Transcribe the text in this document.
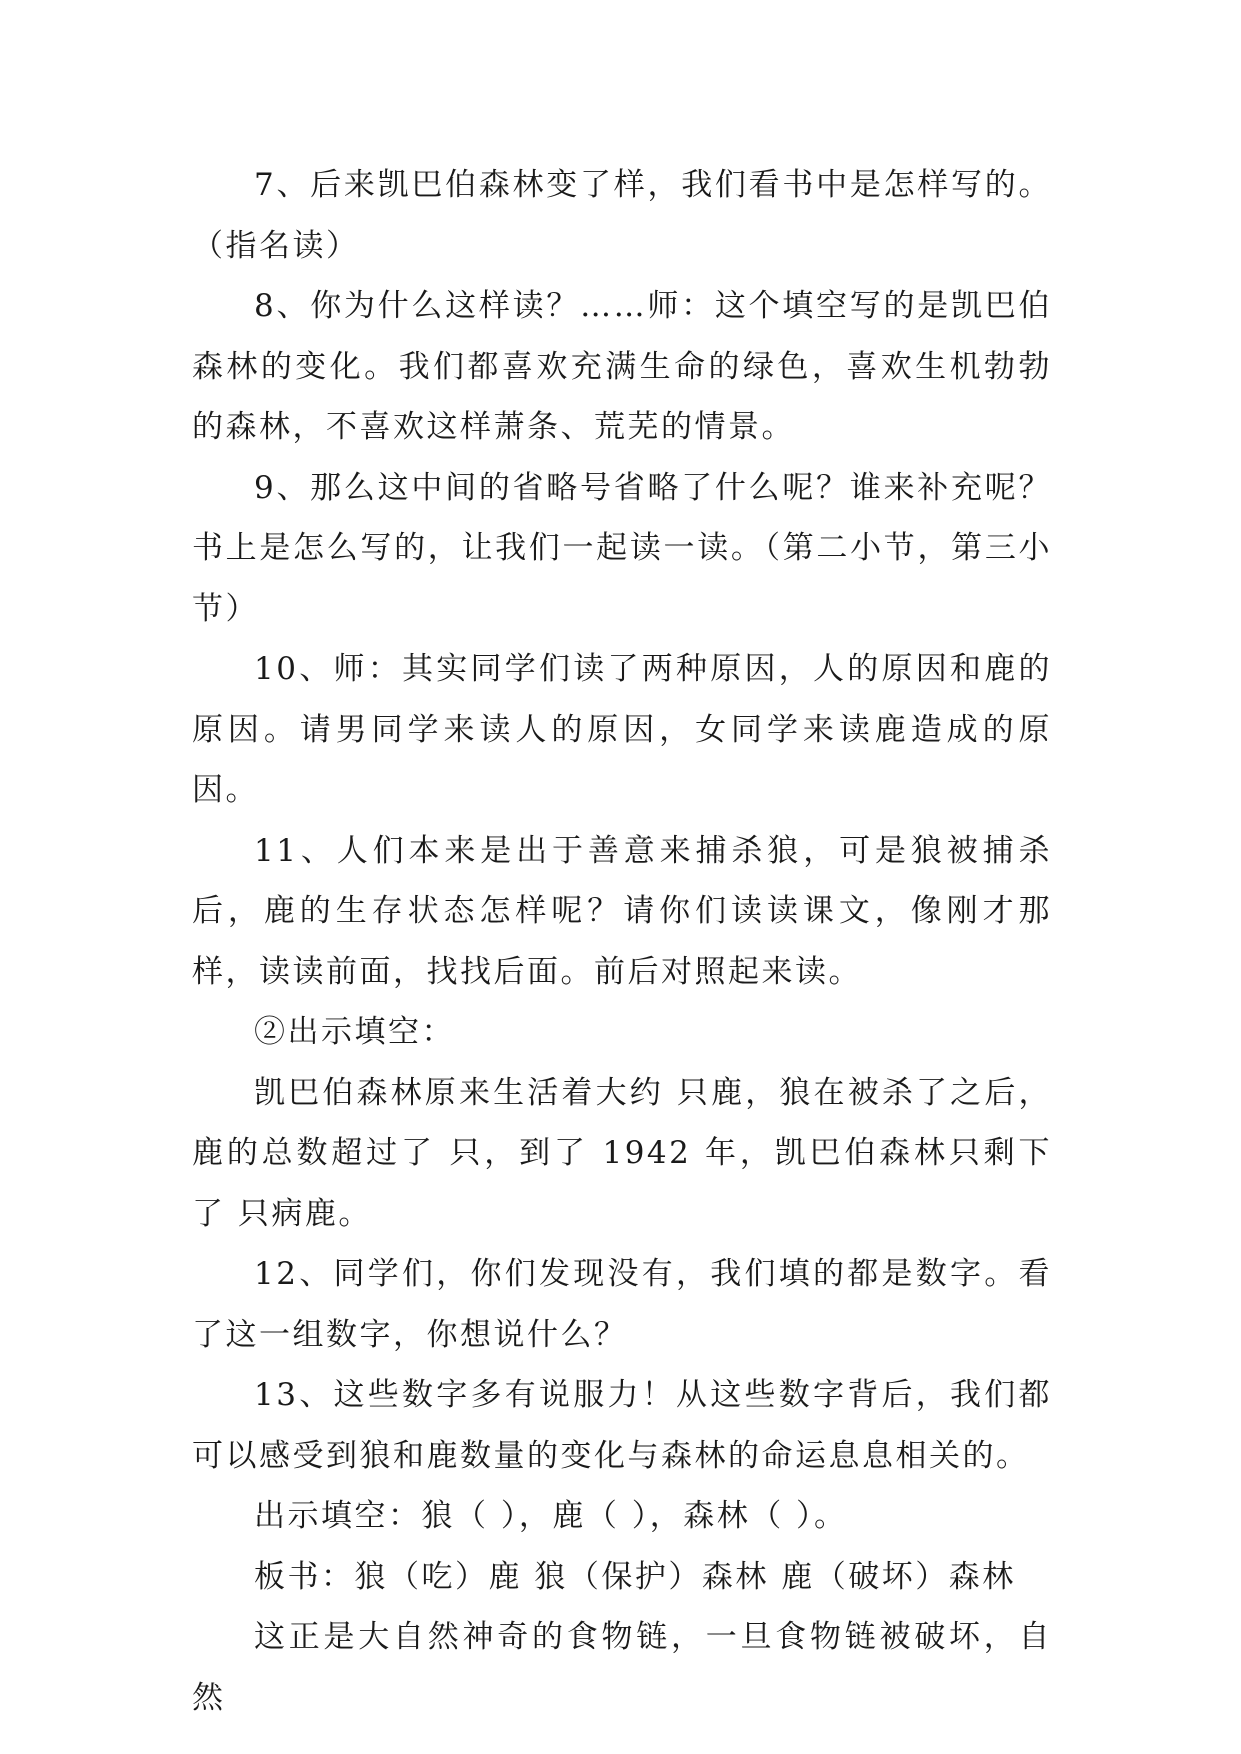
7、后来凯巴伯森林变了样，我们看书中是怎样写的。（指名读）

8、你为什么这样读？……师：这个填空写的是凯巴伯森林的变化。我们都喜欢充满生命的绿色，喜欢生机勃勃的森林，不喜欢这样萧条、荒芜的情景。

9、那么这中间的省略号省略了什么呢？谁来补充呢？书上是怎么写的，让我们一起读一读。（第二小节，第三小节）

10、师：其实同学们读了两种原因，人的原因和鹿的原因。请男同学来读人的原因，女同学来读鹿造成的原因。

11、人们本来是出于善意来捕杀狼，可是狼被捕杀后，鹿的生存状态怎样呢？请你们读读课文，像刚才那样，读读前面，找找后面。前后对照起来读。

②出示填空：

凯巴伯森林原来生活着大约 只鹿，狼在被杀了之后，鹿的总数超过了 只，到了 1942 年，凯巴伯森林只剩下了 只病鹿。

12、同学们，你们发现没有，我们填的都是数字。看了这一组数字，你想说什么？

13、这些数字多有说服力！从这些数字背后，我们都可以感受到狼和鹿数量的变化与森林的命运息息相关的。

出示填空：狼（ ），鹿（ ），森林（ ）。

板书：狼（吃）鹿 狼（保护）森林 鹿（破坏）森林

这正是大自然神奇的食物链，一旦食物链被破坏，自然
